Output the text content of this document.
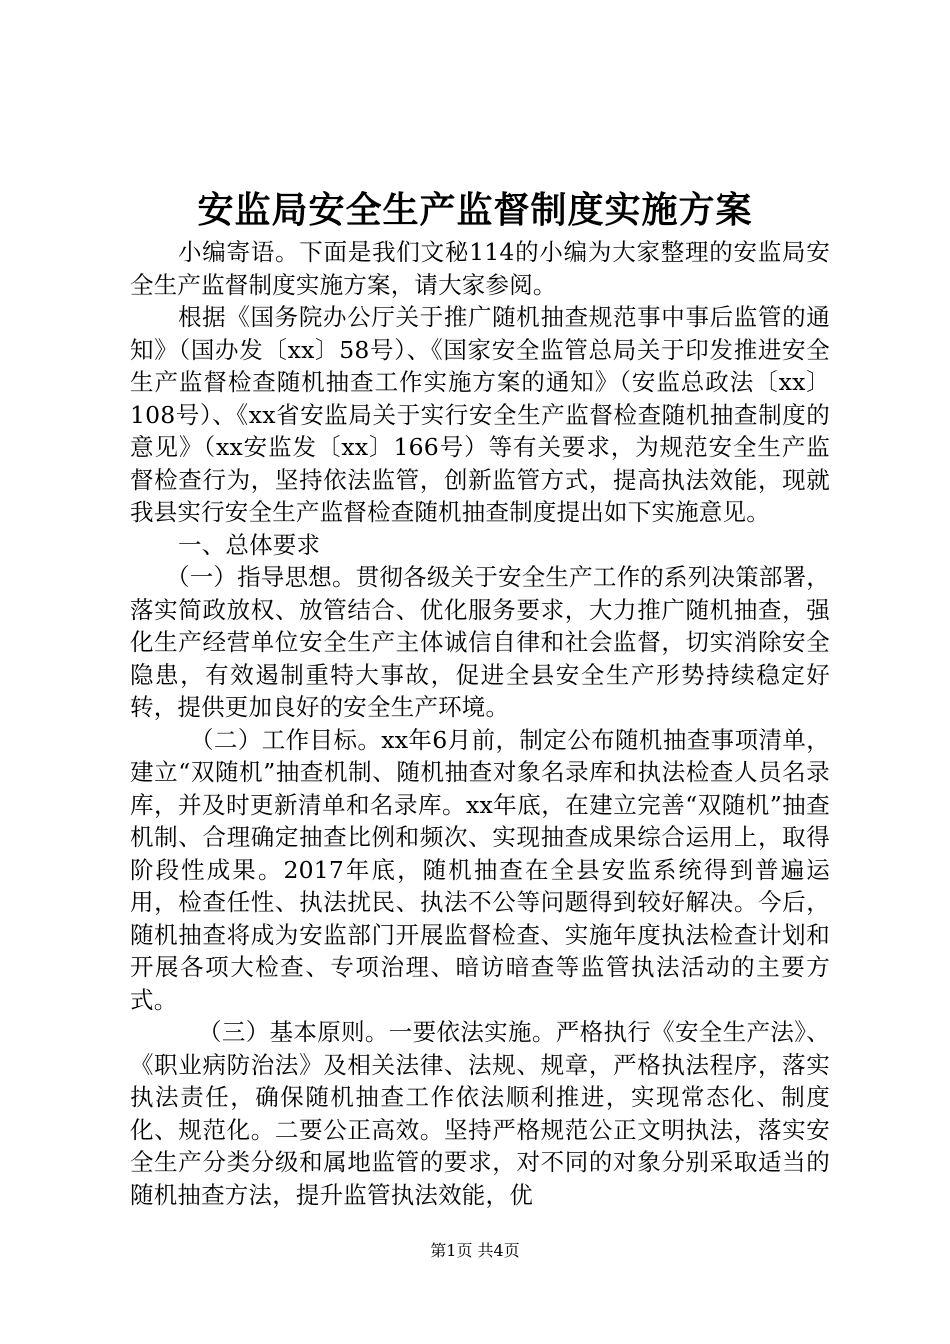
安监局安全生产监督制度实施方案

小编寄语。下面是我们文秘114的小编为大家整理的安监局安全生产监督制度实施方案，请大家参阅。

根据《国务院办公厅关于推广随机抽查规范事中事后监管的通知》（国办发〔xx〕58号）、《国家安全监管总局关于印发推进安全生产监督检查随机抽查工作实施方案的通知》（安监总政法〔xx〕108号）、《xx省安监局关于实行安全生产监督检查随机抽查制度的意见》（xx安监发〔xx〕166号）等有关要求，为规范安全生产监督检查行为，坚持依法监管，创新监管方式，提高执法效能，现就我县实行安全生产监督检查随机抽查制度提出如下实施意见。

一、总体要求

（一）指导思想。贯彻各级关于安全生产工作的系列决策部署，落实简政放权、放管结合、优化服务要求，大力推广随机抽查，强化生产经营单位安全生产主体诚信自律和社会监督，切实消除安全隐患，有效遏制重特大事故，促进全县安全生产形势持续稳定好转，提供更加良好的安全生产环境。

（二）工作目标。xx年6月前，制定公布随机抽查事项清单，建立“双随机”抽查机制、随机抽查对象名录库和执法检查人员名录库，并及时更新清单和名录库。xx年底，在建立完善“双随机”抽查机制、合理确定抽查比例和频次、实现抽查成果综合运用上，取得阶段性成果。2017年底，随机抽查在全县安监系统得到普遍运用，检查任性、执法扰民、执法不公等问题得到较好解决。今后，随机抽查将成为安监部门开展监督检查、实施年度执法检查计划和开展各项大检查、专项治理、暗访暗查等监管执法活动的主要方式。

（三）基本原则。一要依法实施。严格执行《安全生产法》、《职业病防治法》及相关法律、法规、规章，严格执法程序，落实执法责任，确保随机抽查工作依法顺利推进，实现常态化、制度化、规范化。二要公正高效。坚持严格规范公正文明执法，落实安全生产分类分级和属地监管的要求，对不同的对象分别采取适当的随机抽查方法，提升监管执法效能，优

第1页 共4页
